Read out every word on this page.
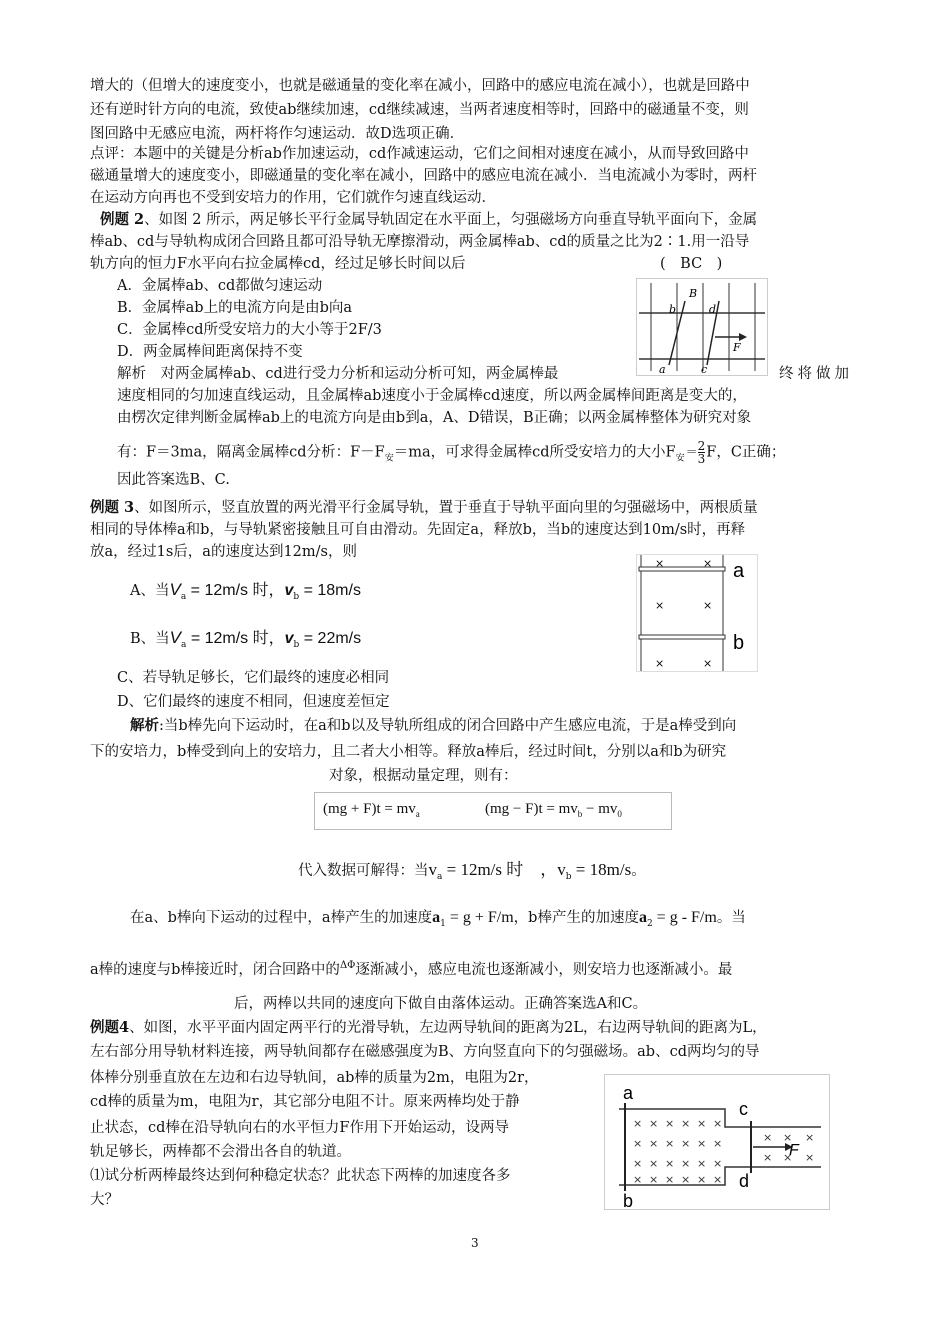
增大的（但增大的速度变小，也就是磁通量的变化率在减小，回路中的感应电流在减小），也就是回路中
还有逆时针方向的电流，致使ab继续加速，cd继续减速，当两者速度相等时，回路中的磁通量不变，则
图回路中无感应电流，两杆将作匀速运动．故D选项正确．
点评：本题中的关键是分析ab作加速运动，cd作减速运动，它们之间相对速度在减小，从而导致回路中
磁通量增大的速度变小，即磁通量的变化率在减小，回路中的感应电流在减小．当电流减小为零时，两杆
在运动方向再也不受到安培力的作用，它们就作匀速直线运动．
例题 2、如图 2 所示，两足够长平行金属导轨固定在水平面上，匀强磁场方向垂直导轨平面向下，金属
棒ab、cd与导轨构成闭合回路且都可沿导轨无摩擦滑动，两金属棒ab、cd的质量之比为2∶1.用一沿导
轨方向的恒力F水平向右拉金属棒cd，经过足够长时间以后	(　BC　)
A．金属棒ab、cd都做匀速运动
B．金属棒ab上的电流方向是由b向a
C．金属棒cd所受安培力的大小等于2F/3
D．两金属棒间距离保持不变
解析　对两金属棒ab、cd进行受力分析和运动分析可知，两金属棒最	终将做加
速度相同的匀加速直线运动，且金属棒ab速度小于金属棒cd速度，所以两金属棒间距离是变大的，
由楞次定律判断金属棒ab上的电流方向是由b到a，A、D错误，B正确；以两金属棒整体为研究对象
有：F＝3ma，隔离金属棒cd分析：$F-F_安=ma$，可求得金属棒cd所受安培力的大小$F_安= \frac{2}{3}$ F，C正确；
因此答案选B、C.
B
b	d
a	c
F
例题 3、如图所示，竖直放置的两光滑平行金属导轨，置于垂直于导轨平面向里的匀强磁场中，两根质量
相同的导体棒a和b，与导轨紧密接触且可自由滑动。先固定a，释放b，当b的速度达到10m/s时，再释
放a，经过1s后，a的速度达到12m/s，则
A、当$V_a = 12m/s$ 时，$v_b = 18m/s$
B、当$V_a = 12m/s$ 时，$v_b = 22m/s$
C、若导轨足够长，它们最终的速度必相同
D、它们最终的速度不相同，但速度差恒定
解析:当b棒先向下运动时，在a和b以及导轨所组成的闭合回路中产生感应电流，于是a棒受到向
下的安培力，b棒受到向上的安培力，且二者大小相等。释放a棒后，经过时间t，分别以a和b为研究
对象，根据动量定理，则有：
×	×
×	×
×	×
a
b
$(mg + F)t = mv_a$	$(mg - F)t = mv_b - mv_0$
代入数据可解得：当$v_a = 12m/s$ 时　，$v_b = 18m/s$。
在a、b棒向下运动的过程中，a棒产生的加速度$a_1 = g + F/m$，b棒产生的加速度$a_2 = g - F/m$。当
a棒的速度与b棒接近时，闭合回路中的$^{\Delta\Phi}$逐渐减小，感应电流也逐渐减小，则安培力也逐渐减小。最
后，两棒以共同的速度向下做自由落体运动。正确答案选A和C。
例题4、如图，水平平面内固定两平行的光滑导轨，左边两导轨间的距离为2L，右边两导轨间的距离为L，
左右部分用导轨材料连接，两导轨间都存在磁感强度为B、方向竖直向下的匀强磁场。ab、cd两均匀的导
体棒分别垂直放在左边和右边导轨间，ab棒的质量为2m，电阻为2r，
cd棒的质量为m，电阻为r，其它部分电阻不计。原来两棒均处于静
止状态，cd棒在沿导轨向右的水平恒力F作用下开始运动，设两导
轨足够长，两棒都不会滑出各自的轨道。
⑴试分析两棒最终达到何种稳定状态？此状态下两棒的加速度各多
大？
a
b
c
d
F
× × × × × ×
× × × × × ×
× × × × × ×
× × × × × ×
× × ×
× × ×
3
